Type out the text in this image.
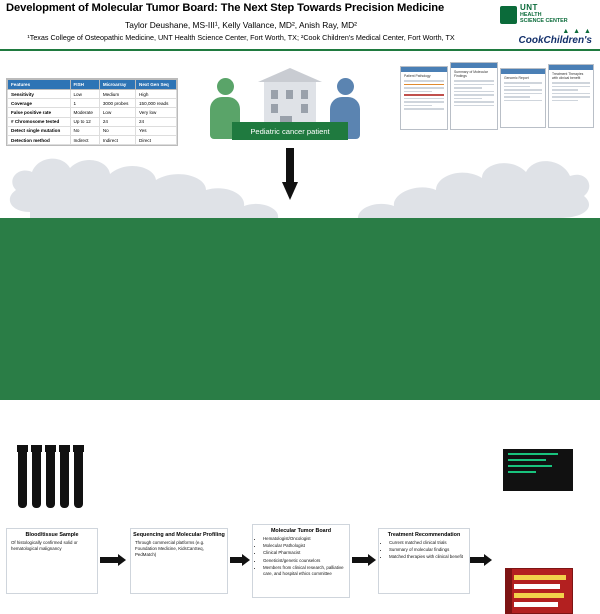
Development of Molecular Tumor Board: The Next Step Towards Precision Medicine
Taylor Deushane, MS-III¹, Kelly Vallance, MD², Anish Ray, MD²
¹Texas College of Osteopathic Medicine, UNT Health Science Center, Fort Worth, TX; ²Cook Children's Medical Center, Fort Worth, TX
UNT
HEALTH
SCIENCE CENTER
▲ ▲ ▲
CookChildren's
Features	FISH	Microarray	Next Gen Seq
Sensitivity	Low	Medium	High
Coverage	1	3000 probes	150,000 reads
False positive rate	Moderate	Low	Very low
# Chromosome tested	Up to 12	24	24
Detect single mutation	No	No	Yes
Detection method	Indirect	Indirect	Direct
Pediatric cancer patient
Patient Pathology
Summary of Molecular Findings	Genomic Report
Treatment Therapies with clinical benefit
CTA CGG AAA
AGC AAT TTA
tga TGT CCG
TGT GCA GTG
CGT GGT TAC
Blood/tissue Sample
Of histologically confirmed solid or hematological malignancy
Sequencing and Molecular Profiling
Through commercial platforms (e.g. Foundation Medicine, KidsCanSeq, PedMatch)
Molecular Tumor Board
• Hematologist/Oncologist
• Molecular Pathologist
• Clinical Pharmacist
• Geneticist/genetic counselors
• Members from clinical research, palliative care, and hospital ethics committee
Treatment Recommendation
• Current matched clinical trials
• Summary of molecular findings
• Matched therapies with clinical benefit
Electronic Medical Record
Documentation of therapy decision
“The Rise of Targeted Therapy”
